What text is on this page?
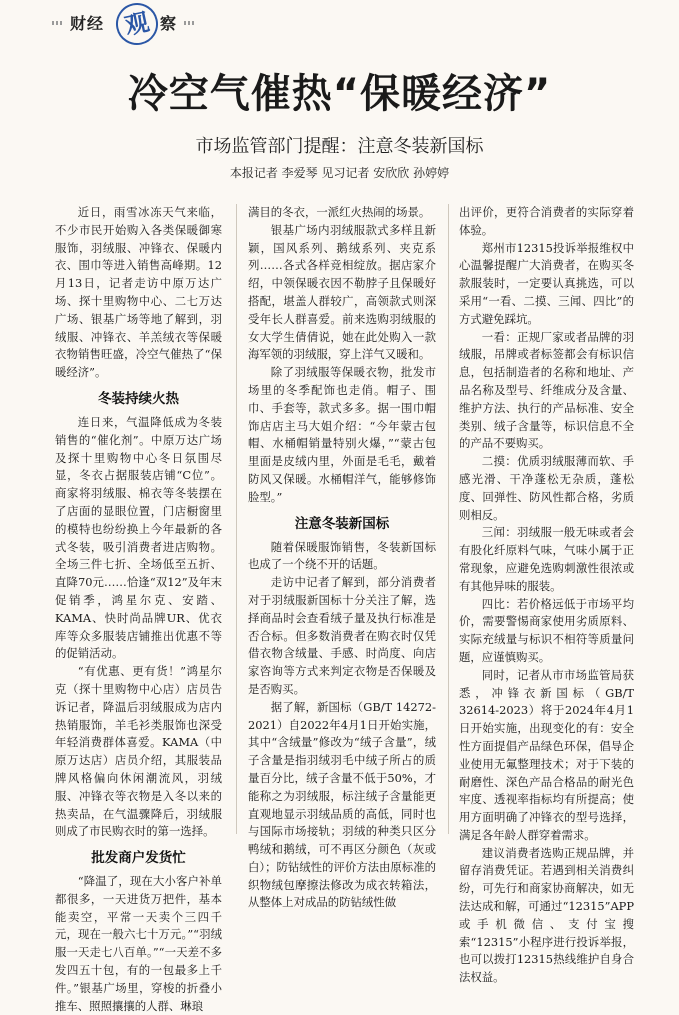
财经 观 察
冷空气催热“保暖经济”
市场监管部门提醒：注意冬装新国标
本报记者 李爱琴 见习记者 安欣欣 孙婷婷

近日，雨雪冰冻天气来临，不少市民开始购入各类保暖御寒服饰，羽绒服、冲锋衣、保暖内衣、围巾等进入销售高峰期。12月13日，记者走访中原万达广场、探十里购物中心、二七万达广场、银基广场等地了解到，羽绒服、冲锋衣、羊羔绒衣等保暖衣物销售旺盛，冷空气催热了“保暖经济”。

冬装持续火热

连日来，气温降低成为冬装销售的“催化剂”。中原万达广场及探十里购物中心冬日氛围尽显，冬衣占据服装店铺“C位”。商家将羽绒服、棉衣等冬装摆在了店面的显眼位置，门店橱窗里的模特也纷纷换上今年最新的各式冬装，吸引消费者进店购物。全场三件七折、全场低至五折、直降70元……恰逢“双12”及年末促销季，鸿星尔克、安踏、KAMA、快时尚品牌UR、优衣库等众多服装店铺推出优惠不等的促销活动。

“有优惠、更有货！”鸿星尔克（探十里购物中心店）店员告诉记者，降温后羽绒服成为店内热销服饰，羊毛衫类服饰也深受年轻消费群体喜爱。KAMA（中原万达店）店员介绍，其服装品牌风格偏向休闲潮流风，羽绒服、冲锋衣等衣物是入冬以来的热卖品，在气温骤降后，羽绒服则成了市民购衣时的第一选择。

批发商户发货忙

“降温了，现在大小客户补单都很多，一天进货万把件，基本能卖空，平常一天卖个三四千元，现在一般六七十万元。”“羽绒服一天走七八百单。”“一天差不多发四五十包，有的一包最多上千件。”银基广场里，穿梭的折叠小推车、照照攘攘的人群、琳琅

满目的冬衣，一派红火热闹的场景。

银基广场内羽绒服款式多样且新颖，国风系列、鹅绒系列、夹克系列……各式各样竞相绽放。据店家介绍，中领保暖衣因不勒脖子且保暖好搭配，堪盖人群较广，高领款式则深受年长人群喜爱。前来选购羽绒服的女大学生倩倩说，她在此处购入一款海军领的羽绒服，穿上洋气又暖和。

除了羽绒服等保暖衣物，批发市场里的冬季配饰也走俏。帽子、围巾、手套等，款式多多。据一围巾帽饰店店主马大姐介绍：“今年蒙古包帽、水桶帽销量特别火爆，”“蒙古包里面是皮绒内里，外面是毛毛，戴着防风又保暖。水桶帽洋气，能够修饰脸型。”

注意冬装新国标

随着保暖服饰销售，冬装新国标也成了一个绕不开的话题。

走访中记者了解到，部分消费者对于羽绒服新国标十分关注了解，选择商品时会查看绒子量及执行标准是否合标。但多数消费者在购衣时仅凭借衣物含绒量、手感、时尚度、向店家咨询等方式来判定衣物是否保暖及是否购买。

据了解，新国标（GB/T 14272-2021）自2022年4月1日开始实施，其中“含绒量”修改为“绒子含量”，绒子含量是指羽绒羽毛中绒子所占的质量百分比，绒子含量不低于50%，才能称之为羽绒服，标注绒子含量能更直观地显示羽绒品质的高低，同时也与国际市场接轨；羽绒的种类只区分鸭绒和鹅绒，可不再区分颜色（灰或白）；防钻绒性的评价方法由原标准的织物绒包摩擦法修改为成衣转箱法，从整体上对成品的防钻绒性做

出评价，更符合消费者的实际穿着体验。

郑州市12315投诉举报维权中心温馨提醒广大消费者，在购买冬款服装时，一定要认真挑选，可以采用“一看、二摸、三闻、四比”的方式避免踩坑。

一看：正规厂家或者品牌的羽绒服，吊牌或者标签都会有标识信息，包括制造者的名称和地址、产品名称及型号、纤维成分及含量、维护方法、执行的产品标准、安全类别、绒子含量等，标识信息不全的产品不要购买。

二摸：优质羽绒服薄而软、手感光滑、干净蓬松无杂质，蓬松度、回弹性、防风性都合格，劣质则相反。

三闻：羽绒服一般无味或者会有股化纤原料气味，气味小属于正常现象，应避免选购刺激性很浓或有其他异味的服装。

四比：若价格远低于市场平均价，需要警惕商家使用劣质原料、实际充绒量与标识不相符等质量问题，应谨慎购买。

同时，记者从市市场监管局获悉，冲锋衣新国标（GB/T 32614-2023）将于2024年4月1日开始实施，出现变化的有：安全性方面提倡产品绿色环保，倡导企业使用无氟整理技术；对于下装的耐磨性、深色产品合格品的耐光色牢度、透视率指标均有所提高；使用方面明确了冲锋衣的型号选择，满足各年龄人群穿着需求。

建议消费者选购正规品牌，并留存消费凭证。若遇到相关消费纠纷，可先行和商家协商解决，如无法达成和解，可通过“12315”APP或手机微信、支付宝搜索“12315”小程序进行投诉举报，也可以拨打12315热线维护自身合法权益。
